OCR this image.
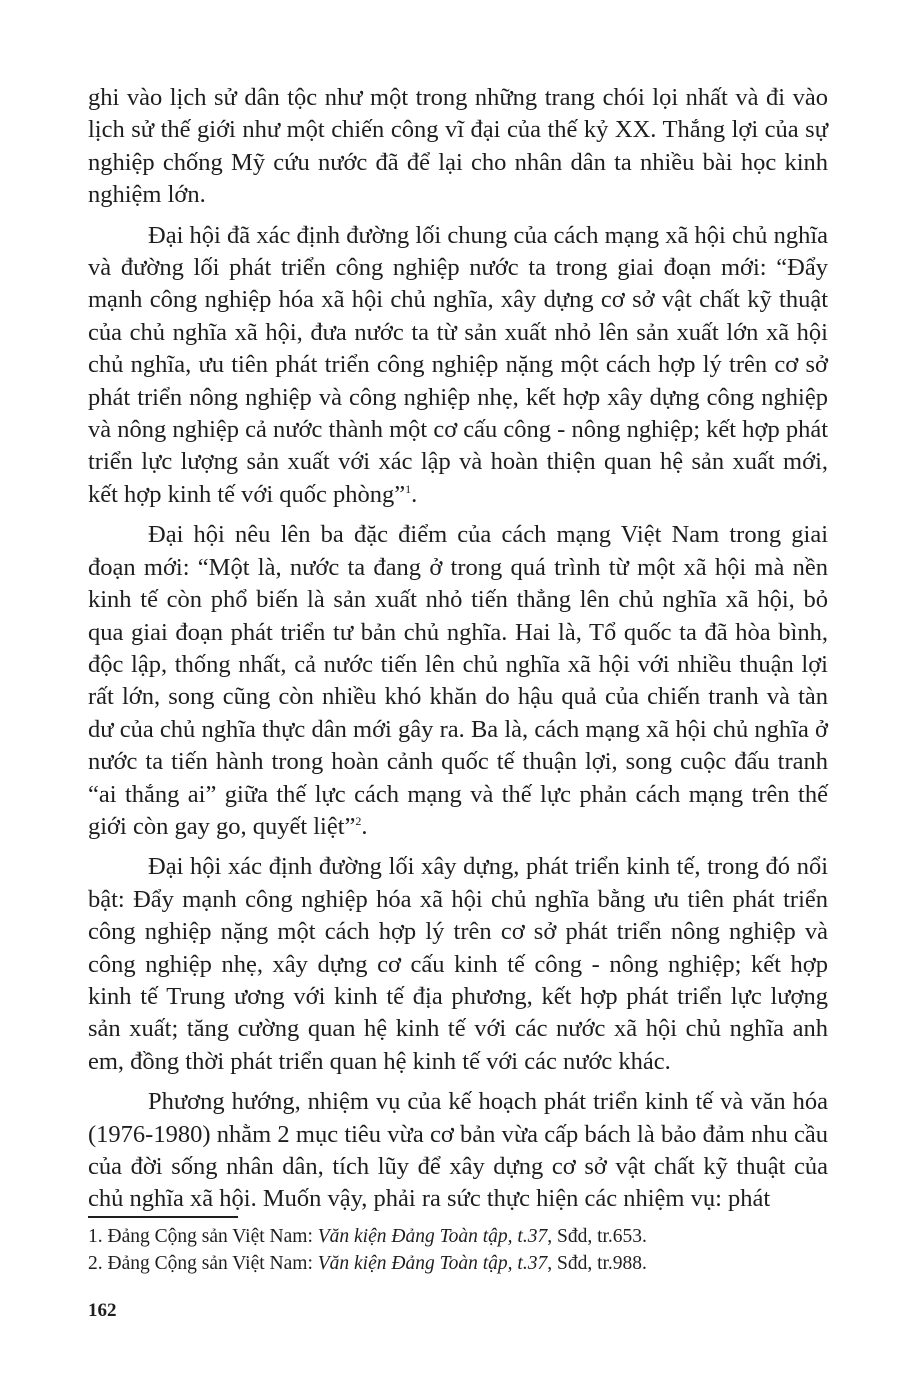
ghi vào lịch sử dân tộc như một trong những trang chói lọi nhất và đi vào lịch sử thế giới như một chiến công vĩ đại của thế kỷ XX. Thắng lợi của sự nghiệp chống Mỹ cứu nước đã để lại cho nhân dân ta nhiều bài học kinh nghiệm lớn.

Đại hội đã xác định đường lối chung của cách mạng xã hội chủ nghĩa và đường lối phát triển công nghiệp nước ta trong giai đoạn mới: “Đẩy mạnh công nghiệp hóa xã hội chủ nghĩa, xây dựng cơ sở vật chất kỹ thuật của chủ nghĩa xã hội, đưa nước ta từ sản xuất nhỏ lên sản xuất lớn xã hội chủ nghĩa, ưu tiên phát triển công nghiệp nặng một cách hợp lý trên cơ sở phát triển nông nghiệp và công nghiệp nhẹ, kết hợp xây dựng công nghiệp và nông nghiệp cả nước thành một cơ cấu công - nông nghiệp; kết hợp phát triển lực lượng sản xuất với xác lập và hoàn thiện quan hệ sản xuất mới, kết hợp kinh tế với quốc phòng”$^1$.

Đại hội nêu lên ba đặc điểm của cách mạng Việt Nam trong giai đoạn mới: “Một là, nước ta đang ở trong quá trình từ một xã hội mà nền kinh tế còn phổ biến là sản xuất nhỏ tiến thẳng lên chủ nghĩa xã hội, bỏ qua giai đoạn phát triển tư bản chủ nghĩa. Hai là, Tổ quốc ta đã hòa bình, độc lập, thống nhất, cả nước tiến lên chủ nghĩa xã hội với nhiều thuận lợi rất lớn, song cũng còn nhiều khó khăn do hậu quả của chiến tranh và tàn dư của chủ nghĩa thực dân mới gây ra. Ba là, cách mạng xã hội chủ nghĩa ở nước ta tiến hành trong hoàn cảnh quốc tế thuận lợi, song cuộc đấu tranh “ai thắng ai” giữa thế lực cách mạng và thế lực phản cách mạng trên thế giới còn gay go, quyết liệt”$^2$.

Đại hội xác định đường lối xây dựng, phát triển kinh tế, trong đó nổi bật: Đẩy mạnh công nghiệp hóa xã hội chủ nghĩa bằng ưu tiên phát triển công nghiệp nặng một cách hợp lý trên cơ sở phát triển nông nghiệp và công nghiệp nhẹ, xây dựng cơ cấu kinh tế công - nông nghiệp; kết hợp kinh tế Trung ương với kinh tế địa phương, kết hợp phát triển lực lượng sản xuất; tăng cường quan hệ kinh tế với các nước xã hội chủ nghĩa anh em, đồng thời phát triển quan hệ kinh tế với các nước khác.

Phương hướng, nhiệm vụ của kế hoạch phát triển kinh tế và văn hóa (1976-1980) nhằm 2 mục tiêu vừa cơ bản vừa cấp bách là bảo đảm nhu cầu của đời sống nhân dân, tích lũy để xây dựng cơ sở vật chất kỹ thuật của chủ nghĩa xã hội. Muốn vậy, phải ra sức thực hiện các nhiệm vụ: phát

1. Đảng Cộng sản Việt Nam: Văn kiện Đảng Toàn tập, t.37, Sđd, tr.653.

2. Đảng Cộng sản Việt Nam: Văn kiện Đảng Toàn tập, t.37, Sđd, tr.988.

162
